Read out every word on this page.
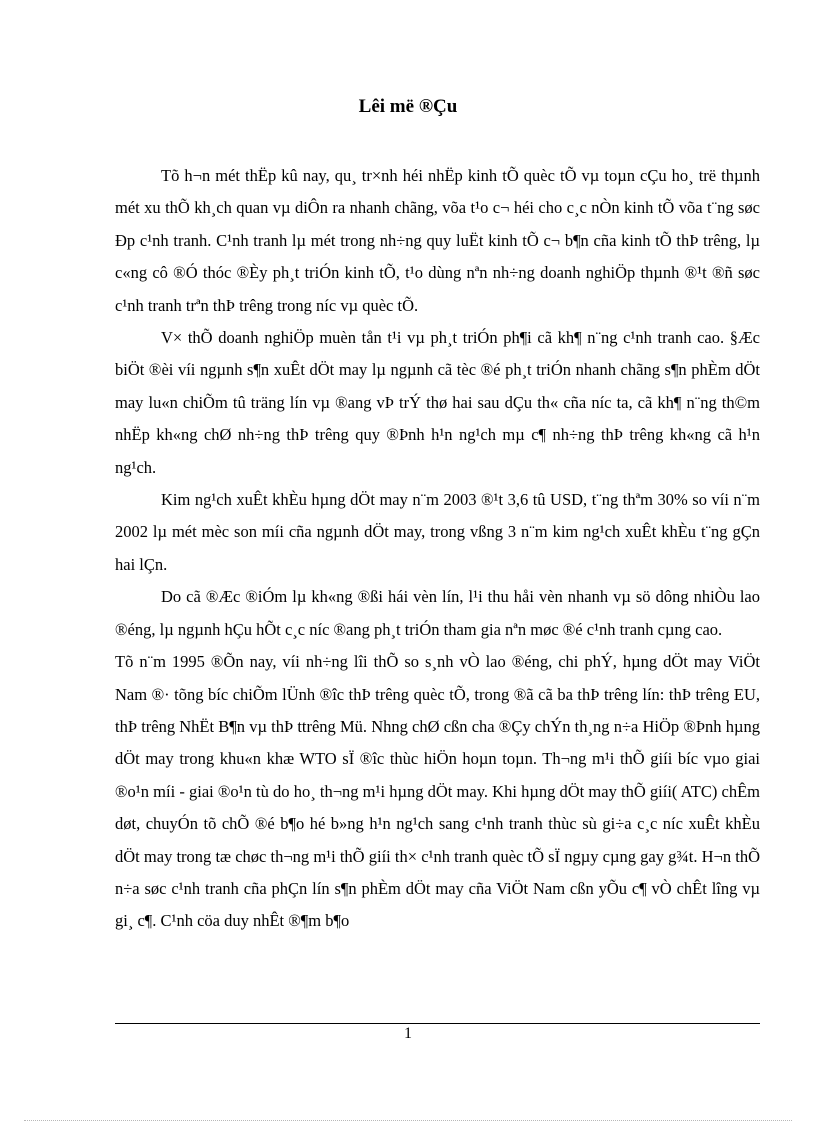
Lêi më ®Çu

Tõ h¬n mét thËp kû nay, qu¸ tr×nh héi nhËp kinh tÕ quèc tÕ vµ toµn cÇu ho¸ trë thµnh mét xu thÕ kh¸ch quan vµ diÔn ra nhanh chãng, võa t¹o c¬ héi cho c¸c nÒn kinh tÕ võa t¨ng søc Ðp c¹nh tranh. C¹nh tranh lµ mét trong nh÷ng quy luËt kinh tÕ c¬ b¶n cña kinh tÕ thÞ trêng, lµ c«ng cô ®Ó thóc ®Èy ph¸t triÓn kinh tÕ, t¹o dùng nªn nh÷ng doanh nghiÖp thµnh ®¹t ®ñ søc c¹nh tranh trªn thÞ trêng trong níc vµ quèc tÕ.

V× thÕ doanh nghiÖp muèn tån t¹i vµ ph¸t triÓn ph¶i cã kh¶ n¨ng c¹nh tranh cao. §Æc biÖt ®èi víi ngµnh s¶n xuÊt dÖt may lµ ngµnh cã tèc ®é ph¸t triÓn nhanh chãng s¶n phÈm dÖt may lu«n chiÕm tû träng lín vµ ®ang vÞ trÝ thø hai sau dÇu th« cña níc ta, cã kh¶ n¨ng th©m nhËp kh«ng chØ nh÷ng thÞ trêng quy ®Þnh h¹n ng¹ch mµ c¶ nh÷ng thÞ trêng kh«ng cã h¹n ng¹ch.

Kim ng¹ch xuÊt khÈu hµng dÖt may n¨m 2003 ®¹t 3,6 tû USD, t¨ng thªm 30% so víi n¨m 2002 lµ mét mèc son míi cña ngµnh dÖt may, trong vßng 3 n¨m kim ng¹ch xuÊt khÈu t¨ng gÇn hai lÇn.

Do cã ®Æc ®iÓm lµ kh«ng ®ßi hái vèn lín, l¹i thu håi vèn nhanh vµ sö dông nhiÒu lao ®éng, lµ ngµnh hÇu hÕt c¸c níc ®ang ph¸t triÓn tham gia nªn møc ®é c¹nh tranh cµng cao.

Tõ n¨m 1995 ®Õn nay, víi nh÷ng lîi thÕ so s¸nh vÒ lao ®éng, chi phÝ, hµng dÖt may ViÖt Nam ®· tõng bíc chiÕm lÜnh ®îc thÞ trêng quèc tÕ, trong ®ã cã ba thÞ trêng lín: thÞ trêng EU, thÞ trêng NhËt B¶n vµ thÞ ttrêng Mü. Nhng chØ cßn cha ®Çy chÝn th¸ng n÷a HiÖp ®Þnh hµng dÖt may trong khu«n khæ WTO sÏ ®îc thùc hiÖn hoµn toµn. Th¬ng m¹i thÕ giíi bíc vµo giai ®o¹n míi - giai ®o¹n tù do ho¸ th¬ng m¹i hµng dÖt may. Khi hµng dÖt may thÕ giíi( ATC) chÊm døt, chuyÓn tõ chÕ ®é b¶o hé b»ng h¹n ng¹ch sang c¹nh tranh thùc sù gi÷a c¸c níc xuÊt khÈu dÖt may trong tæ chøc th¬ng m¹i thÕ giíi th× c¹nh tranh quèc tÕ sÏ ngµy cµng gay g¾t. H¬n thÕ n÷a søc c¹nh tranh cña phÇn lín s¶n phÈm dÖt may cña ViÖt Nam cßn yÕu c¶ vÒ chÊt lîng vµ gi¸ c¶. C¹nh cöa duy nhÊt ®¶m b¶o

1
